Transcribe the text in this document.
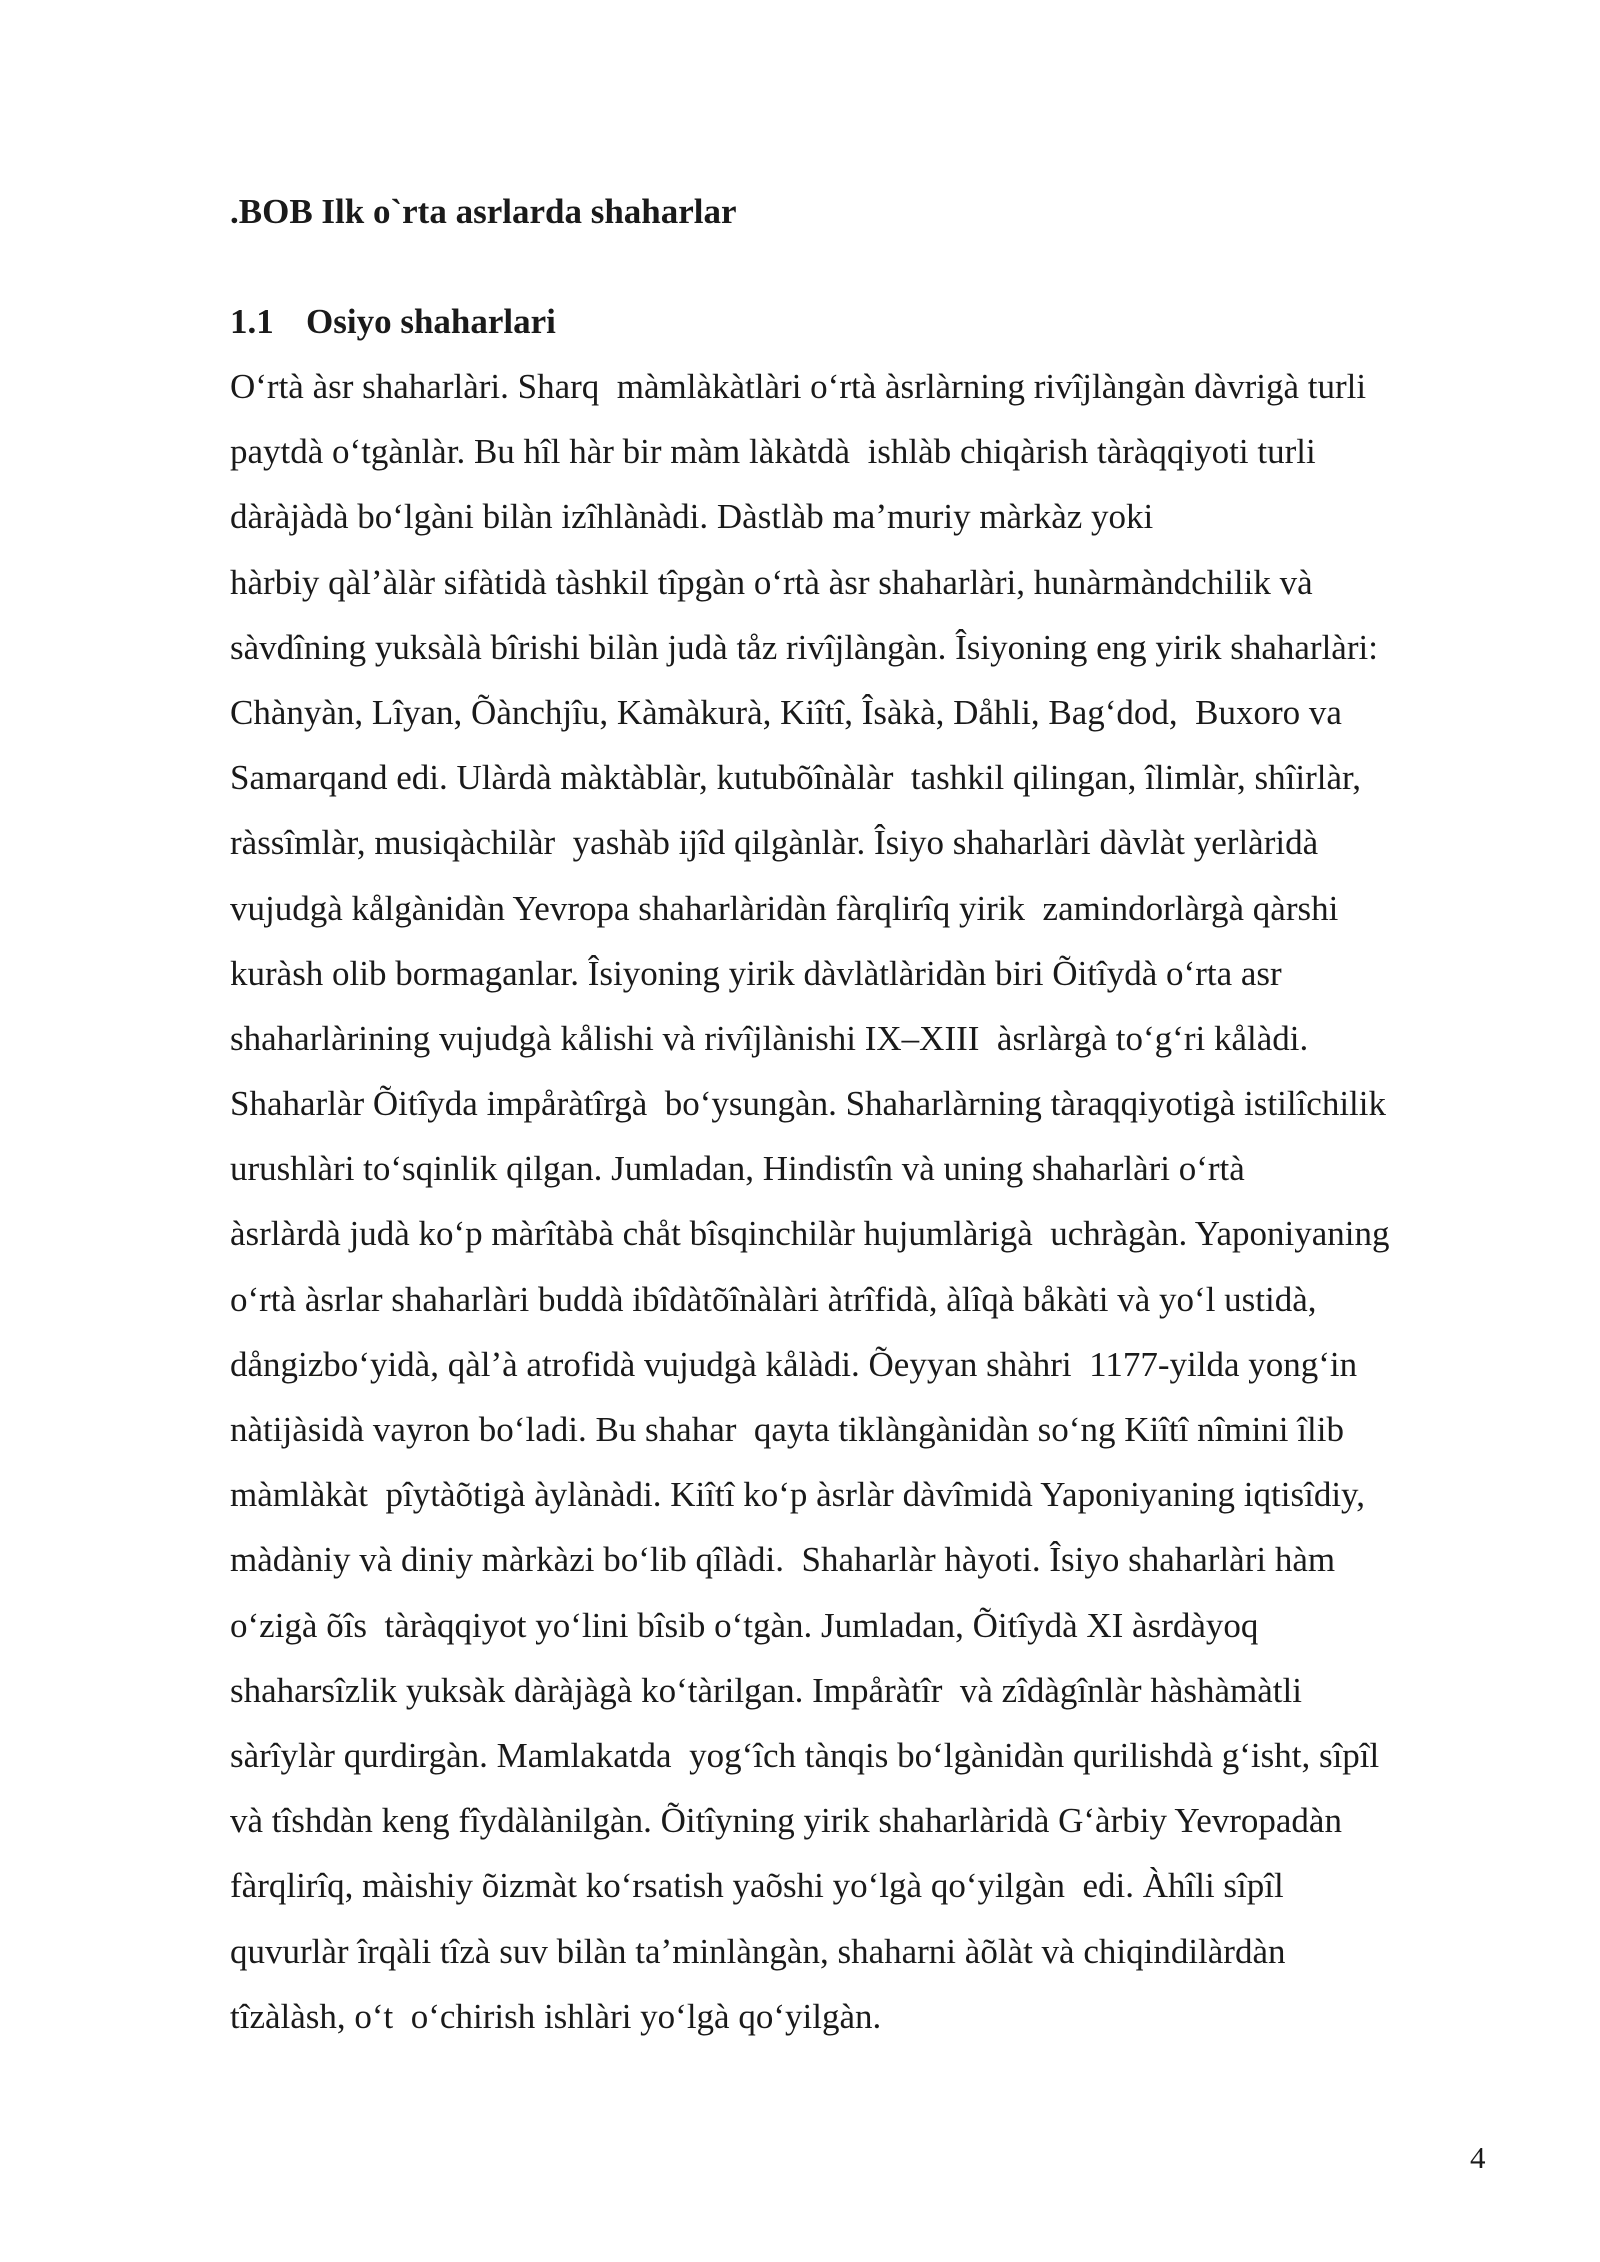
.BOB Ilk o`rta asrlarda shaharlar
1.1 Osiyo shaharlari

Oʻrtà àsr shaharlàri. Sharq  màmlàkàtlàri oʻrtà àsrlàrning rivîjlàngàn dàvrigà turli
paytdà oʻtgànlàr. Bu hîl hàr bir màm làkàtdà  ishlàb chiqàrish tàràqqiyoti turli
dàràjàdà boʻlgàni bilàn izîhlànàdi. Dàstlàb maʼmuriy màrkàz yoki
hàrbiy qàlʼàlàr sifàtidà tàshkil tîpgàn oʻrtà àsr shaharlàri, hunàrmàndchilik và
sàvdîning yuksàlà bîrishi bilàn judà tåz rivîjlàngàn. Îsiyoning eng yirik shaharlàri:
Chànyàn, Lîyan, Õànchjîu, Kàmàkurà, Kiîtî, Îsàkà, Dåhli, Bagʻdod,  Buxoro va
Samarqand edi. Ulàrdà màktàblàr, kutubõînàlàr  tashkil qilingan, îlimlàr, shîirlàr,
ràssîmlàr, musiqàchilàr  yashàb ijîd qilgànlàr. Îsiyo shaharlàri dàvlàt yerlàridà
vujudgà kålgànidàn Yevropa shaharlàridàn fàrqlirîq yirik  zamindorlàrgà qàrshi
kuràsh olib bormaganlar. Îsiyoning yirik dàvlàtlàridàn biri Õitîydà oʻrta asr
shaharlàrining vujudgà kålishi và rivîjlànishi IX–XIII  àsrlàrgà toʻgʻri kålàdi.
Shaharlàr Õitîyda impåràtîrgà  boʻysungàn. Shaharlàrning tàraqqiyotigà istilîchilik
urushlàri toʻsqinlik qilgan. Jumladan, Hindistîn và uning shaharlàri oʻrtà
àsrlàrdà judà koʻp màrîtàbà chåt bîsqinchilàr hujumlàrigà  uchràgàn. Yaponiyaning
oʻrtà àsrlar shaharlàri buddà ibîdàtõînàlàri àtrîfidà, àlîqà båkàti và yoʻl ustidà,
dångizboʻyidà, qàlʼà atrofidà vujudgà kålàdi. Õeyyan shàhri  1177-yilda yongʻin
nàtijàsidà vayron boʻladi. Bu shahar  qayta tiklàngànidàn soʻng Kiîtî nîmini îlib
màmlàkàt  pîytàõtigà àylànàdi. Kiîtî koʻp àsrlàr dàvîmidà Yaponiyaning iqtisîdiy,
màdàniy và diniy màrkàzi boʻlib qîlàdi.  Shaharlàr hàyoti. Îsiyo shaharlàri hàm
oʻzigà õîs  tàràqqiyot yoʻlini bîsib oʻtgàn. Jumladan, Õitîydà XI àsrdàyoq
shaharsîzlik yuksàk dàràjàgà koʻtàrilgan. Impåràtîr  và zîdàgînlàr hàshàmàtli
sàrîylàr qurdirgàn. Mamlakatda  yogʻîch tànqis boʻlgànidàn qurilishdà gʻisht, sîpîl
và tîshdàn keng fîydàlànilgàn. Õitîyning yirik shaharlàridà Gʻàrbiy Yevropadàn
fàrqlirîq, màishiy õizmàt koʻrsatish yaõshi yoʻlgà qoʻyilgàn  edi. Àhîli sîpîl
quvurlàr îrqàli tîzà suv bilàn taʼminlàngàn, shaharni àõlàt và chiqindilàrdàn
tîzàlàsh, oʻt  oʻchirish ishlàri yoʻlgà qoʻyilgàn.

4
